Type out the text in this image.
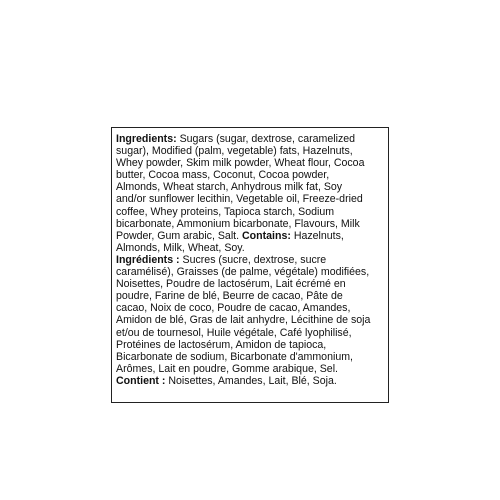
Ingredients: Sugars (sugar, dextrose, caramelized
sugar), Modified (palm, vegetable) fats, Hazelnuts,
Whey powder, Skim milk powder, Wheat flour, Cocoa
butter, Cocoa mass, Coconut, Cocoa powder,
Almonds, Wheat starch, Anhydrous milk fat, Soy
and/or sunflower lecithin, Vegetable oil, Freeze-dried
coffee, Whey proteins, Tapioca starch, Sodium
bicarbonate, Ammonium bicarbonate, Flavours, Milk
Powder, Gum arabic, Salt. Contains: Hazelnuts,
Almonds, Milk, Wheat, Soy.
Ingrédients : Sucres (sucre, dextrose, sucre
caramélisé), Graisses (de palme, végétale) modifiées,
Noisettes, Poudre de lactosérum, Lait écrémé en
poudre, Farine de blé, Beurre de cacao, Pâte de
cacao, Noix de coco, Poudre de cacao, Amandes,
Amidon de blé, Gras de lait anhydre, Lécithine de soja
et/ou de tournesol, Huile végétale, Café lyophilisé,
Protéines de lactosérum, Amidon de tapioca,
Bicarbonate de sodium, Bicarbonate d'ammonium,
Arômes, Lait en poudre, Gomme arabique, Sel.
Contient : Noisettes, Amandes, Lait, Blé, Soja.
